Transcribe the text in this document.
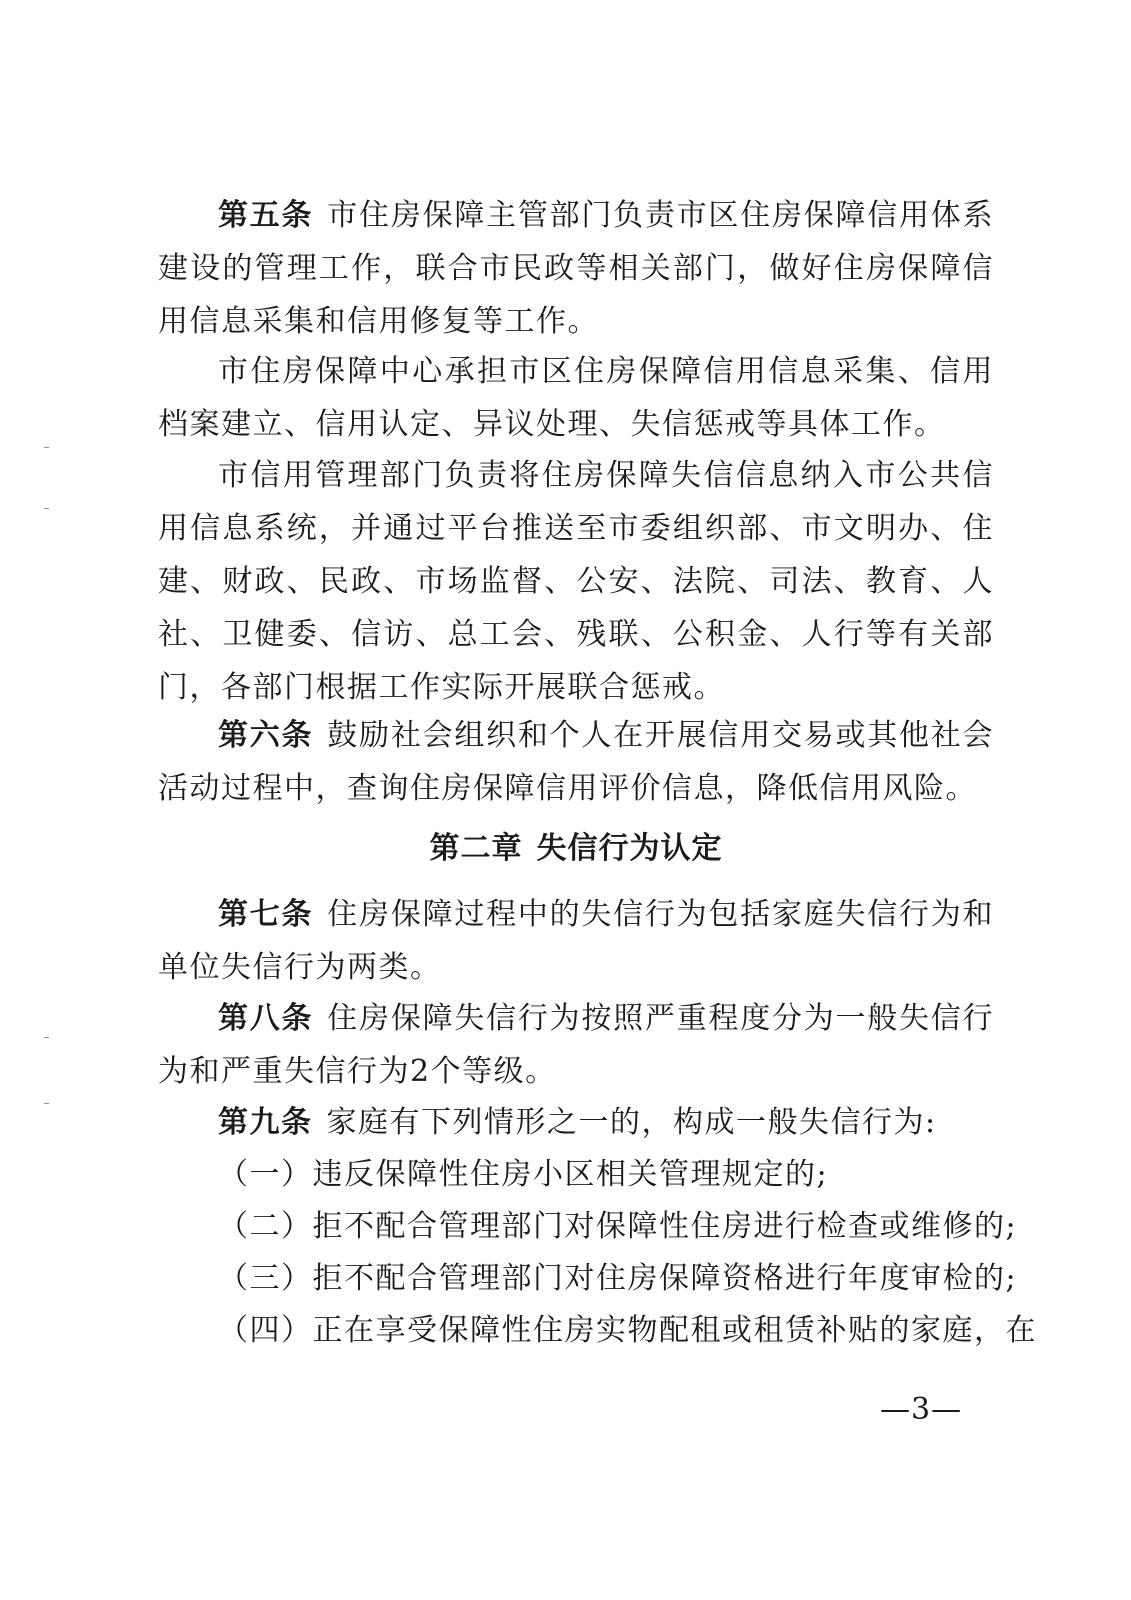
第五条 市住房保障主管部门负责市区住房保障信用体系建设的管理工作，联合市民政等相关部门，做好住房保障信用信息采集和信用修复等工作。

市住房保障中心承担市区住房保障信用信息采集、信用档案建立、信用认定、异议处理、失信惩戒等具体工作。

市信用管理部门负责将住房保障失信信息纳入市公共信用信息系统，并通过平台推送至市委组织部、市文明办、住建、财政、民政、市场监督、公安、法院、司法、教育、人社、卫健委、信访、总工会、残联、公积金、人行等有关部门，各部门根据工作实际开展联合惩戒。

第六条 鼓励社会组织和个人在开展信用交易或其他社会活动过程中，查询住房保障信用评价信息，降低信用风险。

第二章 失信行为认定

第七条 住房保障过程中的失信行为包括家庭失信行为和单位失信行为两类。

第八条 住房保障失信行为按照严重程度分为一般失信行为和严重失信行为2个等级。

第九条 家庭有下列情形之一的，构成一般失信行为:

（一）违反保障性住房小区相关管理规定的;

（二）拒不配合管理部门对保障性住房进行检查或维修的;

（三）拒不配合管理部门对住房保障资格进行年度审检的;

（四）正在享受保障性住房实物配租或租赁补贴的家庭，在

—3—
